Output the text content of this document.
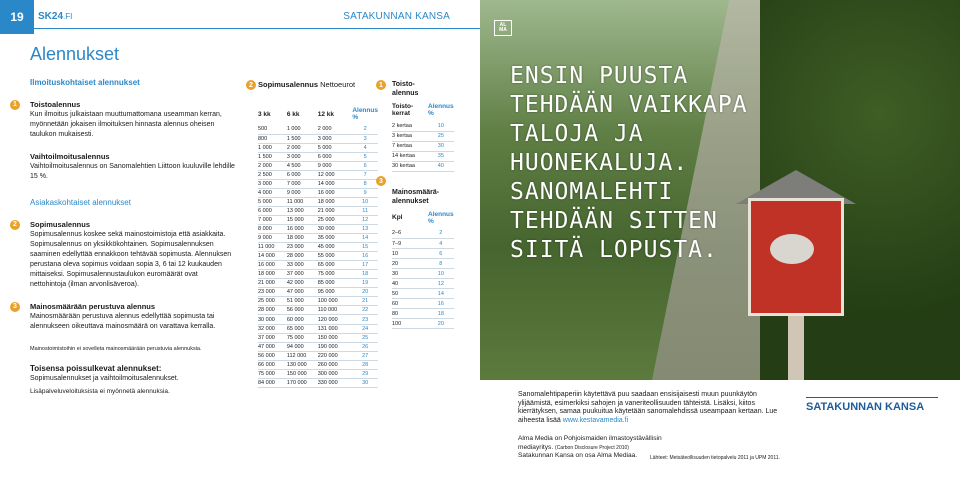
19	SK24.FI	SATAKUNNAN KANSA
Alennukset
Ilmoituskohtaiset alennukset
1	Toistoalennus
Kun ilmoitus julkaistaan muuttumattomana useamman kerran, myönnetään jokaisen ilmoituksen hinnasta alennus oheisen taulukon mukaisesti.
Vaihtoilmoitusalennus
Vaihtoilmoitusalennus on Sanomalehtien Liittoon kuuluville lehdille 15 %.
Asiakaskohtaiset alennukset
2	Sopimusalennus
Sopimusalennus koskee sekä mainostoimistoja että asiakkaita. Sopimusalennus on yksikkökohtainen. Sopimusalennuksen saaminen edellyttää ennakkoon tehtävää sopimusta. Alennuksen perustana oleva sopimus voidaan sopia 3, 6 tai 12 kuukauden mittaiseksi. Sopimusalennustaulukon euromäärät ovat nettohintoja (ilman arvonlisäveroa).
3	Mainosmäärään perustuva alennus
Mainosmäärään perustuva alennus edellyttää sopimusta tai alennukseen oikeuttava mainosmäärä on varattava kerralla.
Mainostoimistoihin ei sovelleta mainosmäärään perustuvia alennuksia.
Toisensa poissulkevat alennukset:
Sopimusalennukset ja vaihtoilmoitusalennukset.
2 Sopimusalennus Nettoeurot
3 kk	6 kk	12 kk	Alennus %
500	1 000	2 000	2
800	1 500	3 000	3
1 000	2 000	5 000	4
1 500	3 000	6 000	5
2 000	4 500	9 000	6
2 500	6 000	12 000	7
3 000	7 000	14 000	8
4 000	9 000	16 000	9
5 000	11 000	18 000	10
6 000	13 000	21 000	11
7 000	15 000	25 000	12
8 000	16 000	30 000	13
9 000	18 000	35 000	14
11 000	23 000	45 000	15
14 000	28 000	55 000	16
16 000	33 000	65 000	17
18 000	37 000	75 000	18
21 000	42 000	85 000	19
23 000	47 000	95 000	20
25 000	51 000	100 000	21
28 000	56 000	110 000	22
30 000	60 000	120 000	23
32 000	65 000	131 000	24
37 000	75 000	150 000	25
47 000	94 000	190 000	26
56 000	112 000	220 000	27
66 000	130 000	260 000	28
75 000	150 000	300 000	29
84 000	170 000	330 000	30
1
3
Toisto-
alennus
Toisto-
kerrat	Alennus %
2 kertaa	10
3 kertaa	25
7 kertaa	30
14 kertaa	35
30 kertaa	40
Mainosmäärä-
alennukset
Kpl	Alennus %
2–6	2
7–9	4
10	6
20	8
30	10
40	12
50	14
60	16
80	18
100	20
Lisäpalveluveloituksista ei myönnetä alennuksia.
ENSIN PUUSTA
TEHDÄÄN VAIKKAPA
TALOJA JA
HUONEKALUJA.
SANOMALEHTI
TEHDÄÄN SITTEN
SIITÄ LOPUSTA.
AL
MA
Sanomalehtipaperiin käytettävä puu saadaan ensisijaisesti muun puunkäytön ylijäämistä, esimerkiksi sahojen ja vaneriteollisuuden tähteistä. Lisäksi, kiitos kierrätyksen, samaa puukuitua käytetään sanomalehdissä useampaan kertaan. Lue aiheesta lisää www.kestavamedia.fi
Alma Media on Pohjoismaiden ilmastoystävällisin
mediayritys. (Carbon Disclosure Project 2010)
Satakunnan Kansa on osa Alma Mediaa.	Lähteet: Metsäteollisuuden tietopalvelu 2011 ja UPM 2011.
SATAKUNNAN KANSA
